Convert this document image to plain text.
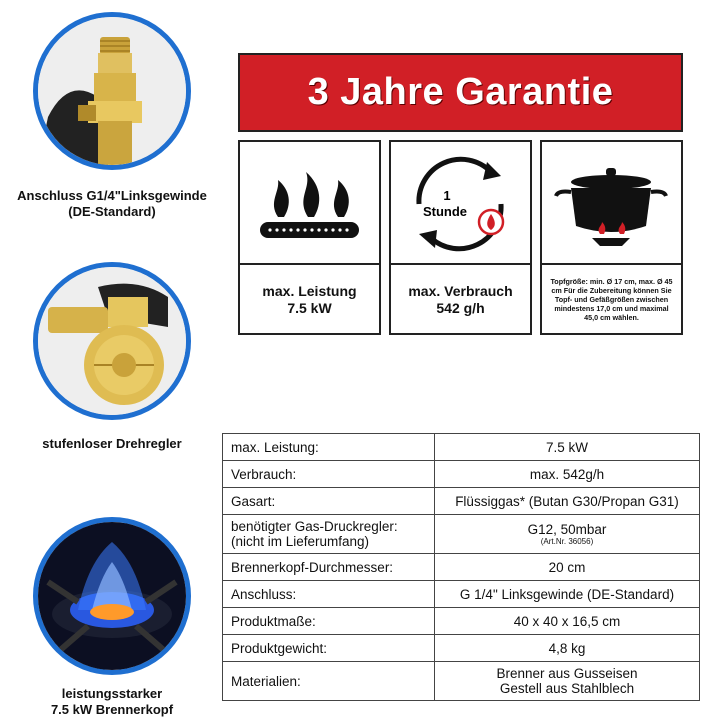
Anschluss G1/4"Linksgewinde
(DE-Standard)
stufenloser Drehregler
leistungsstarker
7.5 kW Brennerkopf
3 Jahre Garantie
max. Leistung
7.5 kW
1
Stunde
max. Verbrauch
542 g/h
Topfgröße: min. Ø 17 cm, max. Ø 45 cm Für die Zubereitung können Sie Topf- und Gefäßgrößen zwischen mindestens 17,0 cm und maximal 45,0 cm wählen.
max. Leistung:	7.5 kW
Verbrauch:	max. 542g/h
Gasart:	Flüssiggas* (Butan G30/Propan G31)
benötigter Gas-Druckregler:
(nicht im Lieferumfang)	G12, 50mbar
(Art.Nr. 36056)

Brennerkopf-Durchmesser:	20 cm
Anschluss:	G 1/4" Linksgewinde (DE-Standard)
Produktmaße:	40 x 40 x 16,5 cm
Produktgewicht:	4,8 kg
Materialien:	Brenner aus Gusseisen
Gestell aus Stahlblech
